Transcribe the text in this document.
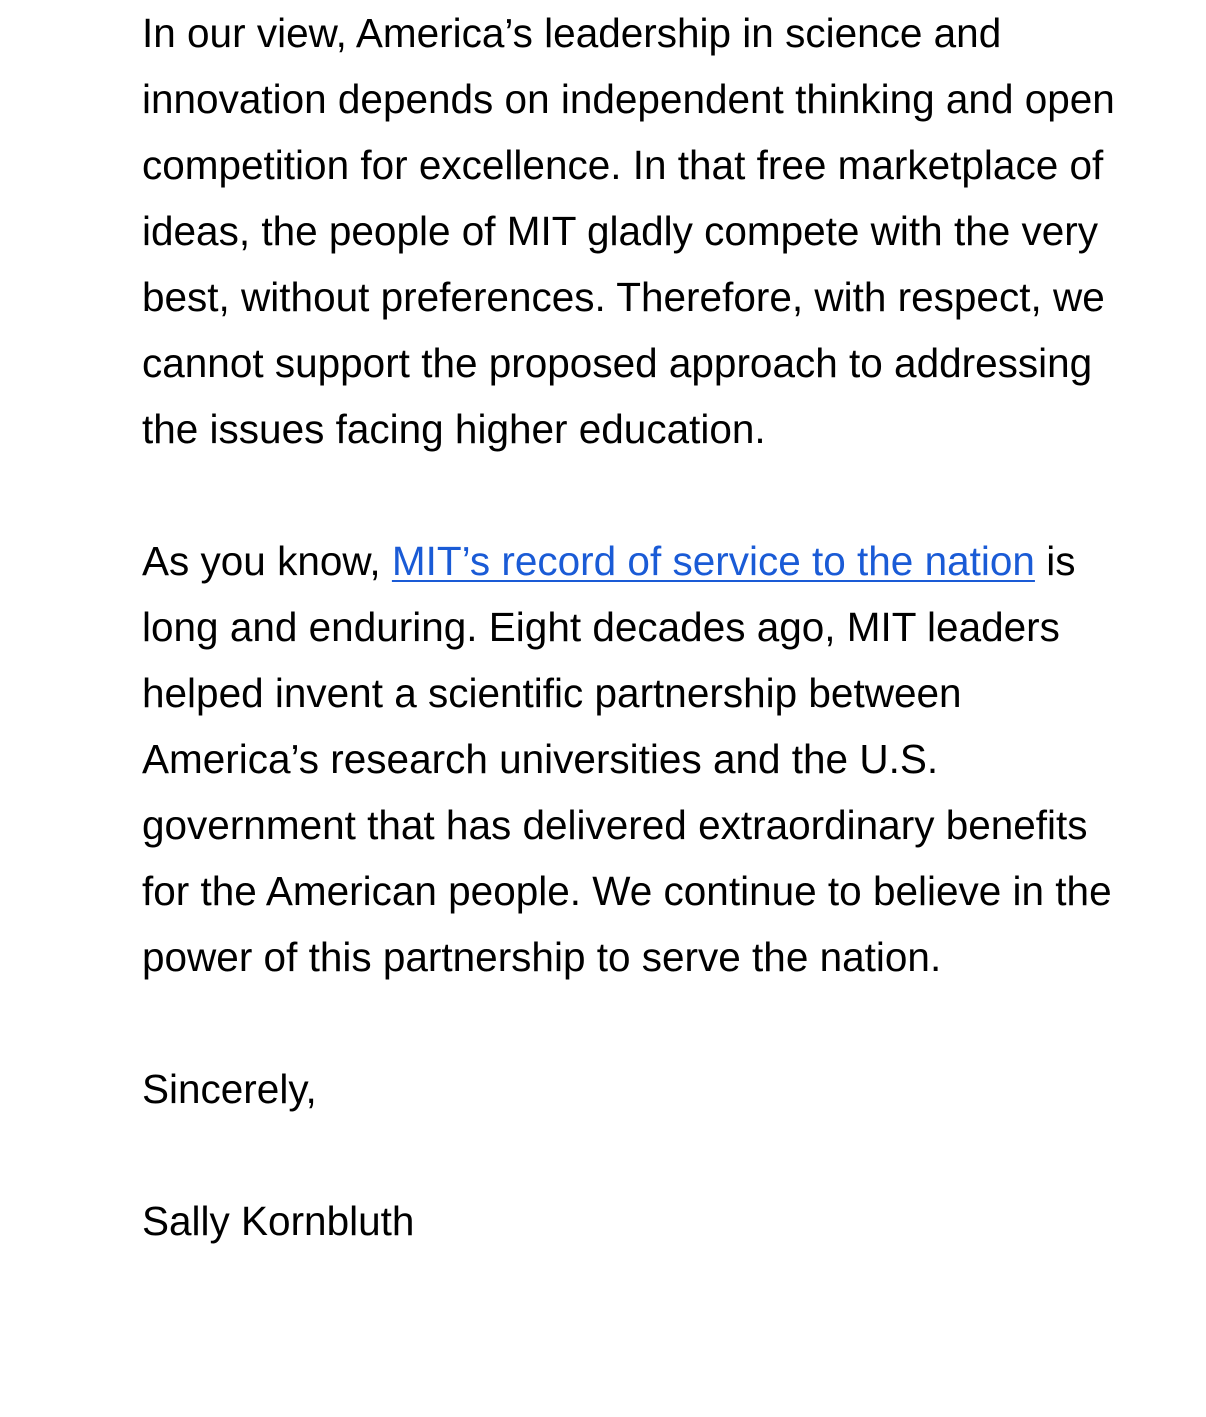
In our view, America’s leadership in science and innovation depends on independent thinking and open competition for excellence. In that free marketplace of ideas, the people of MIT gladly compete with the very best, without preferences. Therefore, with respect, we cannot support the proposed approach to addressing the issues facing higher education.

As you know, MIT’s record of service to the nation is long and enduring. Eight decades ago, MIT leaders helped invent a scientific partnership between America’s research universities and the U.S. government that has delivered extraordinary benefits for the American people. We continue to believe in the power of this partnership to serve the nation.

Sincerely,

Sally Kornbluth
